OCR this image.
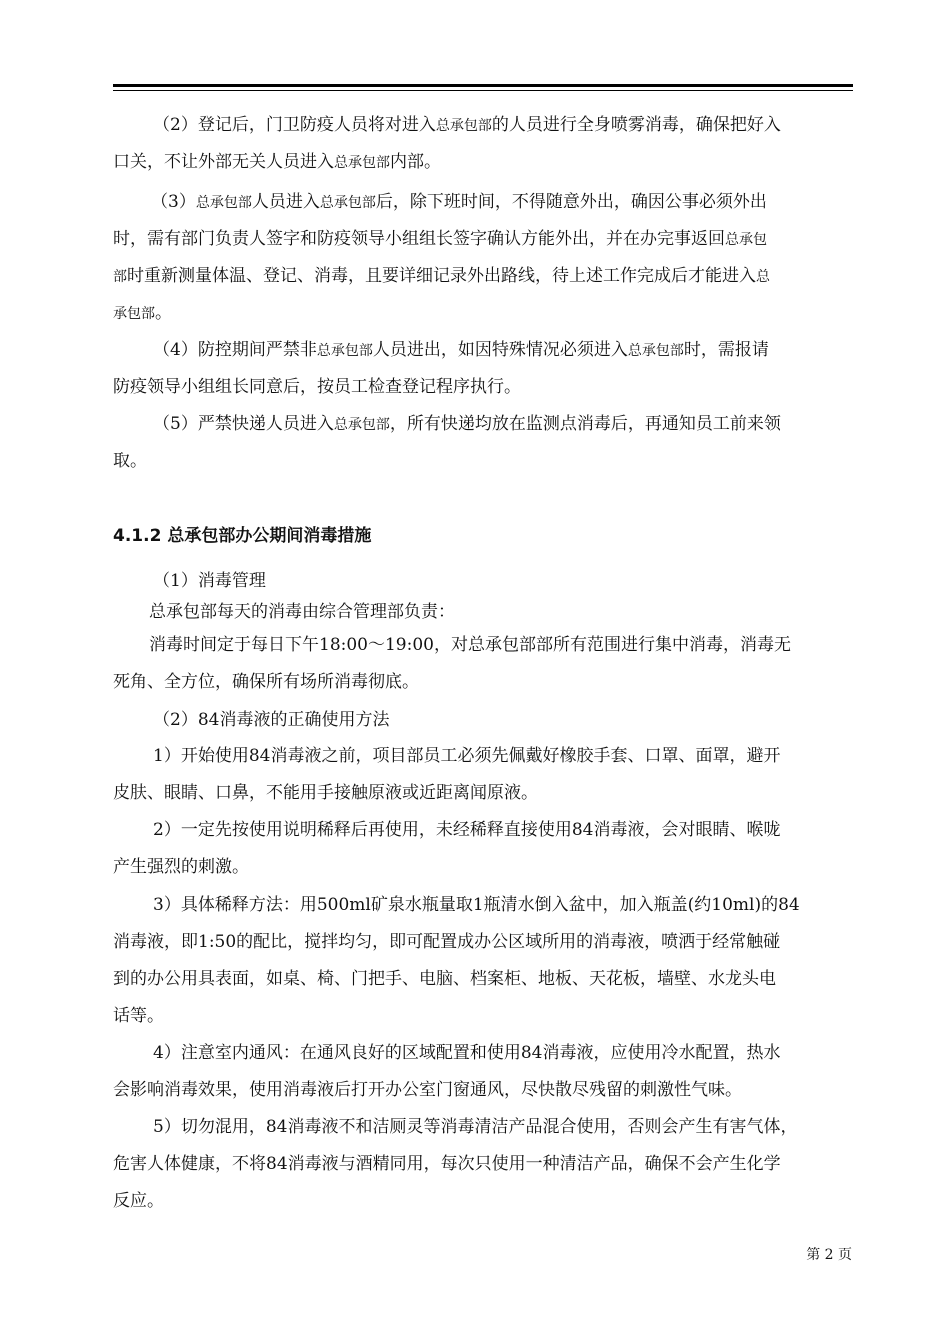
（2）登记后，门卫防疫人员将对进入总承包部的人员进行全身喷雾消毒，确保把好入
口关，不让外部无关人员进入总承包部内部。
（3）总承包部人员进入总承包部后，除下班时间，不得随意外出，确因公事必须外出
时，需有部门负责人签字和防疫领导小组组长签字确认方能外出，并在办完事返回总承包
部时重新测量体温、登记、消毒，且要详细记录外出路线，待上述工作完成后才能进入总
承包部。
（4）防控期间严禁非总承包部人员进出，如因特殊情况必须进入总承包部时，需报请
防疫领导小组组长同意后，按员工检查登记程序执行。
（5）严禁快递人员进入总承包部，所有快递均放在监测点消毒后，再通知员工前来领
取。
4.1.2 总承包部办公期间消毒措施
（1）消毒管理
总承包部每天的消毒由综合管理部负责：
消毒时间定于每日下午18:00～19:00，对总承包部部所有范围进行集中消毒，消毒无
死角、全方位，确保所有场所消毒彻底。
（2）84消毒液的正确使用方法
1）开始使用84消毒液之前，项目部员工必须先佩戴好橡胶手套、口罩、面罩，避开
皮肤、眼睛、口鼻，不能用手接触原液或近距离闻原液。
2）一定先按使用说明稀释后再使用，未经稀释直接使用84消毒液，会对眼睛、喉咙
产生强烈的刺激。
3）具体稀释方法：用500ml矿泉水瓶量取1瓶清水倒入盆中，加入瓶盖(约10ml)的84
消毒液，即1:50的配比，搅拌均匀，即可配置成办公区域所用的消毒液，喷洒于经常触碰
到的办公用具表面，如桌、椅、门把手、电脑、档案柜、地板、天花板，墙壁、水龙头电
话等。
4）注意室内通风：在通风良好的区域配置和使用84消毒液，应使用冷水配置，热水
会影响消毒效果，使用消毒液后打开办公室门窗通风，尽快散尽残留的刺激性气味。
5）切勿混用，84消毒液不和洁厕灵等消毒清洁产品混合使用，否则会产生有害气体，
危害人体健康，不将84消毒液与酒精同用，每次只使用一种清洁产品，确保不会产生化学
反应。
第 2 页
